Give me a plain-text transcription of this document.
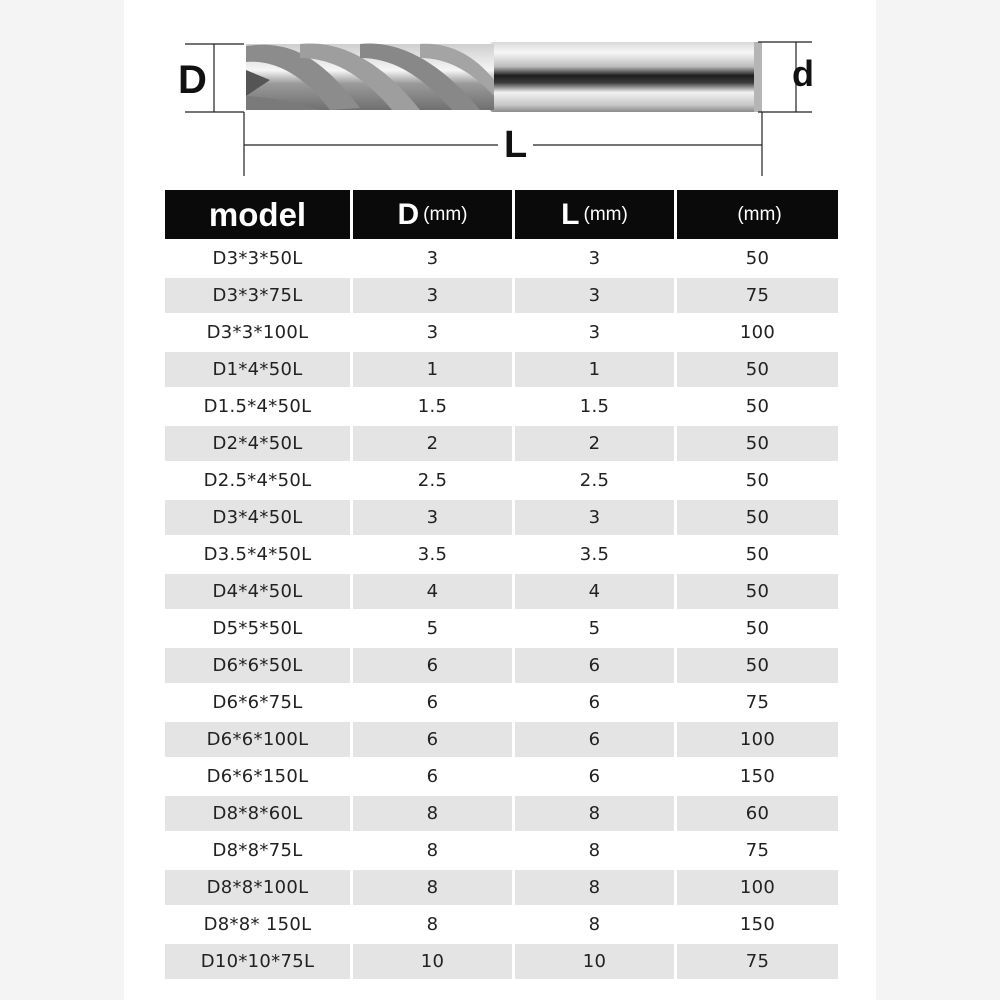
D	d
L
model	D (mm)	L (mm)	(mm)
D3*3*50L	3	3	50
D3*3*75L	3	3	75
D3*3*100L	3	3	100
D1*4*50L	1	1	50
D1.5*4*50L	1.5	1.5	50
D2*4*50L	2	2	50
D2.5*4*50L	2.5	2.5	50
D3*4*50L	3	3	50
D3.5*4*50L	3.5	3.5	50
D4*4*50L	4	4	50
D5*5*50L	5	5	50
D6*6*50L	6	6	50
D6*6*75L	6	6	75
D6*6*100L	6	6	100
D6*6*150L	6	6	150
D8*8*60L	8	8	60
D8*8*75L	8	8	75
D8*8*100L	8	8	100
D8*8* 150L	8	8	150
D10*10*75L	10	10	75
